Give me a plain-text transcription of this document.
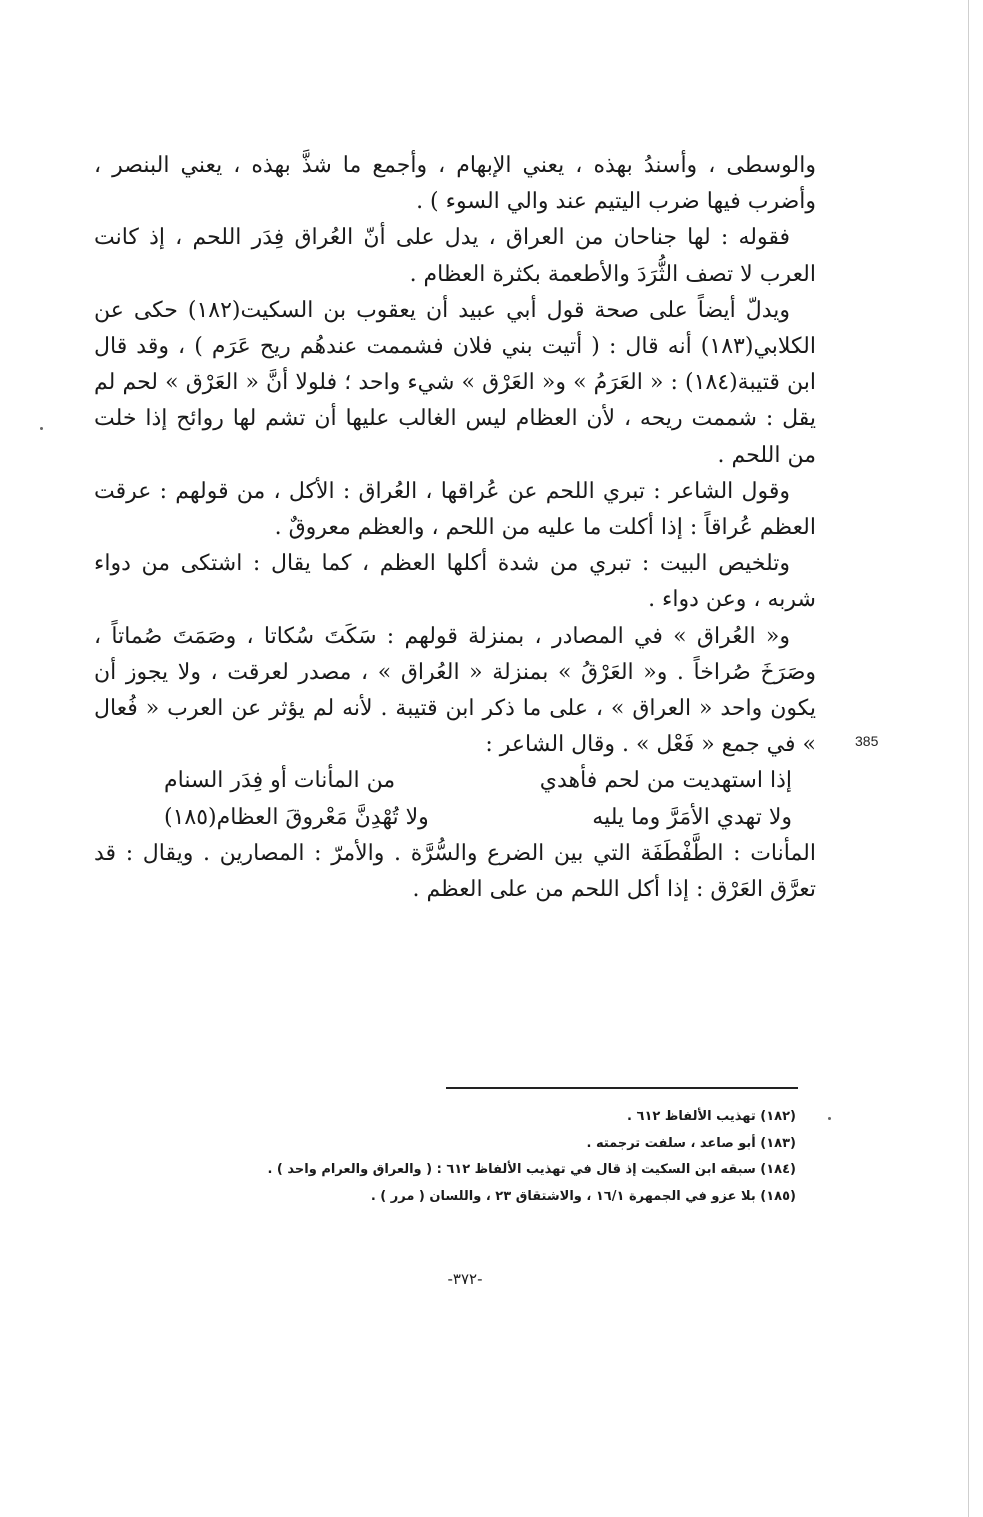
والوسطى ، وأسندُ بهذه ، يعني الإبهام ، وأجمع ما شذَّ بهذه ، يعني البنصر ، وأضرب فيها ضرب اليتيم عند والي السوء ) .

فقوله : لها جناحان من العراق ، يدل على أنّ العُراق فِدَر اللحم ، إذ كانت العرب لا تصف الثُّرَدَ والأطعمة بكثرة العظام .

ويدلّ أيضاً على صحة قول أبي عبيد أن يعقوب بن السكيت(١٨٢) حكى عن الكلابي(١٨٣) أنه قال : ( أتيت بني فلان فشممت عندهُم ريح عَرَم ) ، وقد قال ابن قتيبة(١٨٤) : « العَرَمُ » و« العَرْق » شيء واحد ؛ فلولا أنَّ « العَرْق » لحم لم يقل : شممت ريحه ، لأن العظام ليس الغالب عليها أن تشم لها روائح إذا خلت من اللحم .

وقول الشاعر : تبري اللحم عن عُراقها ، العُراق : الأكل ، من قولهم : عرقت العظم عُراقاً : إذا أكلت ما عليه من اللحم ، والعظم معروقٌ .

وتلخيص البيت : تبري من شدة أكلها العظم ، كما يقال : اشتكى من دواء شربه ، وعن دواء .

و« العُراق » في المصادر ، بمنزلة قولهم : سَكَتَ سُكاتا ، وصَمَتَ صُماتاً ، وصَرَخَ صُراخاً . و« العَرْقُ » بمنزلة « العُراق » ، مصدر لعرقت ، ولا يجوز أن يكون واحد « العراق » ، على ما ذكر ابن قتيبة . لأنه لم يؤثر عن العرب « فُعال » في جمع « فَعْل » . وقال الشاعر :

إذا استهديت من لحم فأهدي
من المأنات أو فِدَر السنام
ولا تهدي الأمَرَّ وما يليه
ولا تُهْدِنَّ مَعْروقَ العظام(١٨٥)

المأنات : الطَّفْطَفَة التي بين الضرع والسُّرَّة . والأمرّ : المصارين . ويقال : قد تعرَّق العَرْق : إذا أكل اللحم من على العظم .

385

(١٨٢) تهذيب الألفاظ ٦١٢ .

(١٨٣) أبو صاعد ، سلفت ترجمته .

(١٨٤) سبقه ابن السكيت إذ قال في تهذيب الألفاظ ٦١٢ : ( والعراق والعرام واحد ) .

(١٨٥) بلا عزو في الجمهرة ١٦/١ ، والاشتقاق ٢٣ ، واللسان ( مرر ) .

-٣٧٢-
